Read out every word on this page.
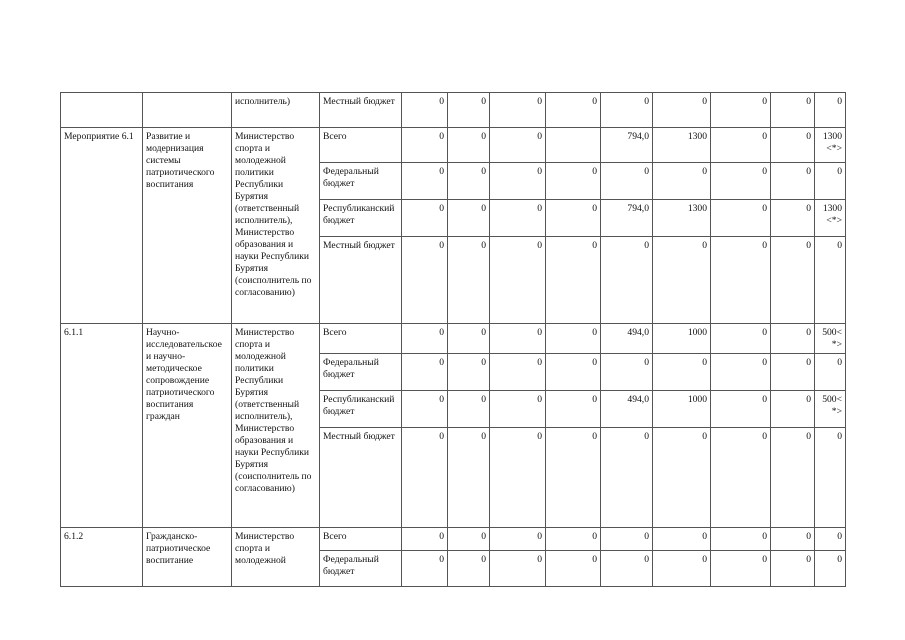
		исполнитель)	Местный бюджет	0	0	0	0	0	0	0	0	0
Мероприятие 6.1	Развитие и модернизация системы патриотического воспитания	Министерство спорта и молодежной политики Республики Бурятия (ответственный исполнитель), Министерство образования и науки Республики Бурятия (соисполнитель по согласованию)	Всего	0	0	0		794,0	1300	0	0	1300<*>
			Федеральный бюджет	0	0	0	0	0	0	0	0	0
			Республиканский бюджет	0	0	0	0	794,0	1300	0	0	1300<*>
			Местный бюджет	0	0	0	0	0	0	0	0	0
6.1.1	Научно-исследовательское и научно-методическое сопровождение патриотического воспитания граждан	Министерство спорта и молодежной политики Республики Бурятия (ответственный исполнитель), Министерство образования и науки Республики Бурятия (соисполнитель по согласованию)	Всего	0	0	0	0	494,0	1000	0	0	500<*>
			Федеральный бюджет	0	0	0	0	0	0	0	0	0
			Республиканский бюджет	0	0	0	0	494,0	1000	0	0	500<*>
			Местный бюджет	0	0	0	0	0	0	0	0	0
6.1.2	Гражданско-патриотическое воспитание	Министерство спорта и молодежной	Всего	0	0	0	0	0	0	0	0	0
			Федеральный бюджет	0	0	0	0	0	0	0	0	0
